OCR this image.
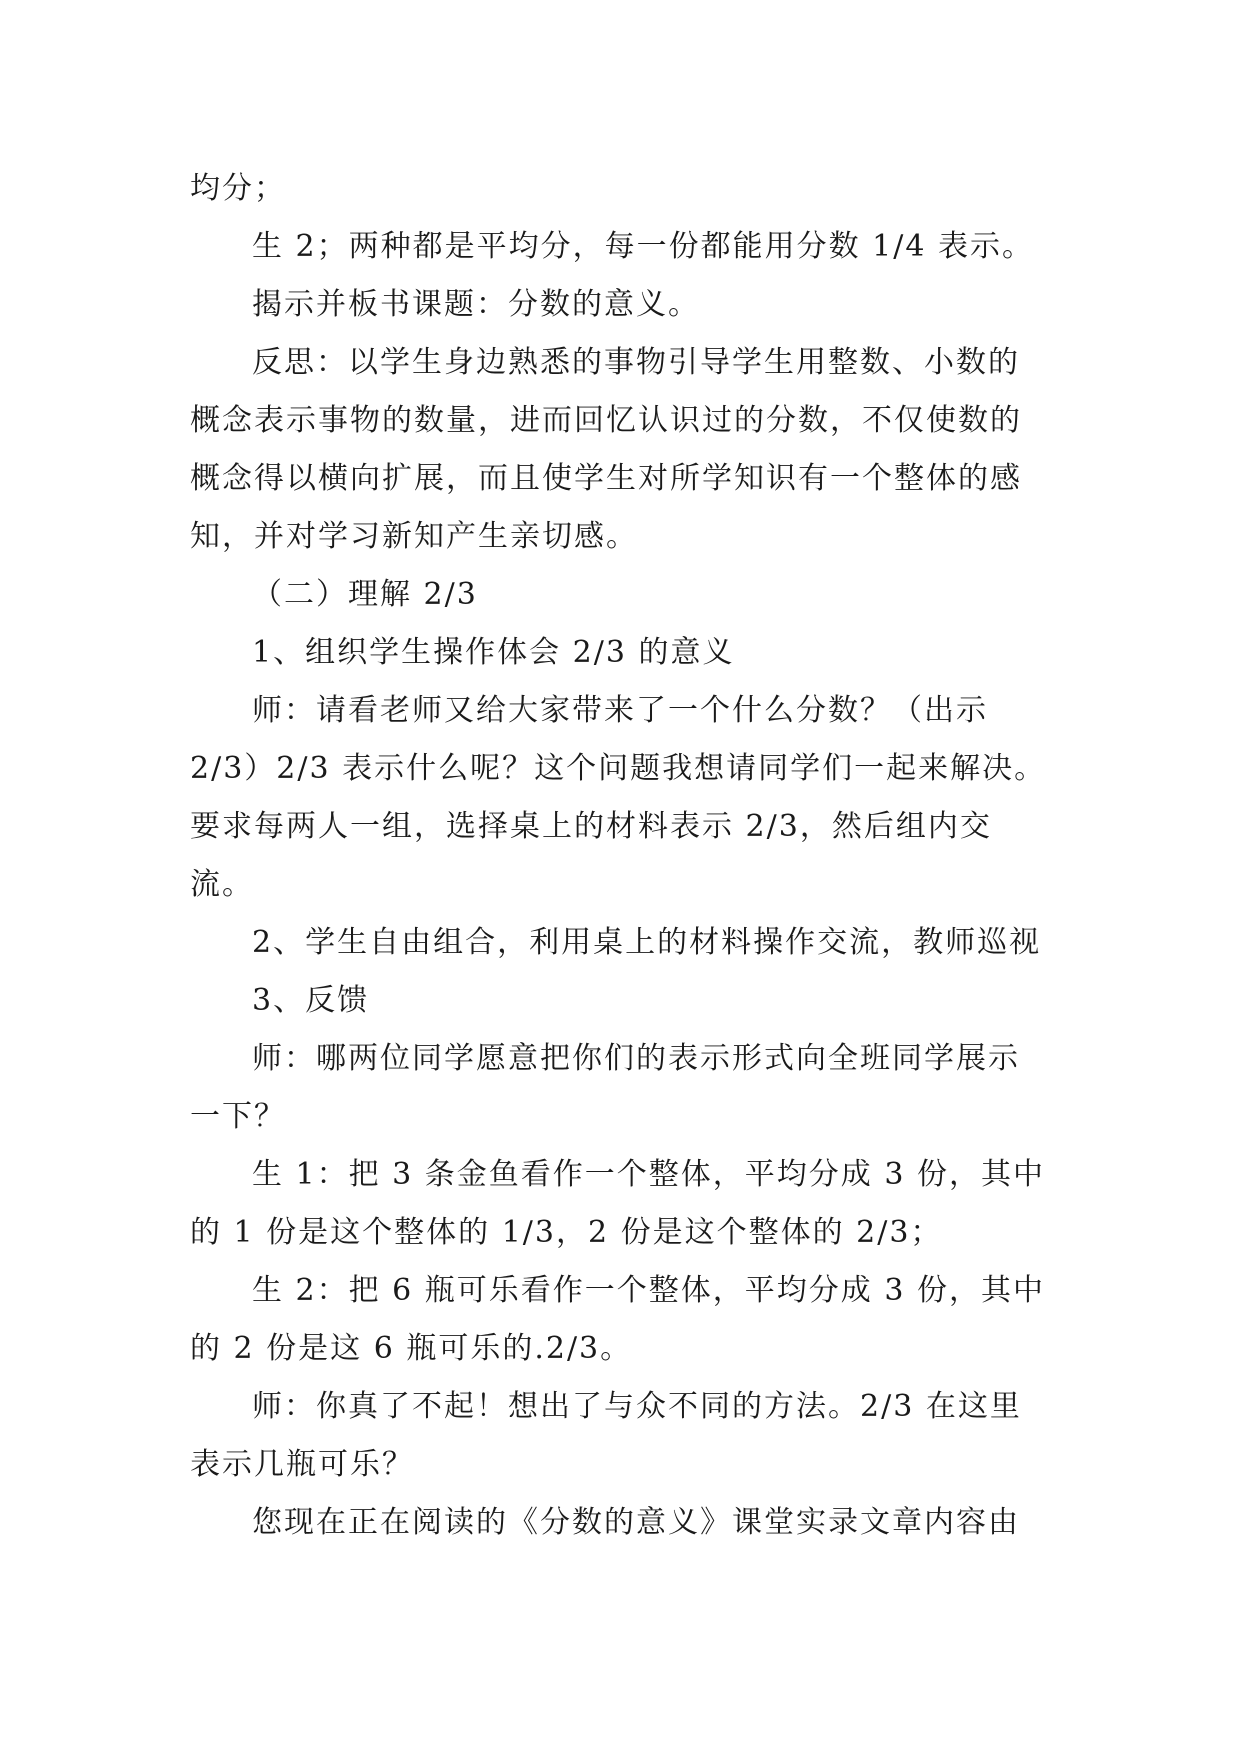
均分；

生 2；两种都是平均分，每一份都能用分数 1/4 表示。

揭示并板书课题：分数的意义。

反思：以学生身边熟悉的事物引导学生用整数、小数的概念表示事物的数量，进而回忆认识过的分数，不仅使数的概念得以横向扩展，而且使学生对所学知识有一个整体的感知，并对学习新知产生亲切感。

（二）理解 2/3

1、组织学生操作体会 2/3 的意义

师：请看老师又给大家带来了一个什么分数？（出示2/3）2/3 表示什么呢？这个问题我想请同学们一起来解决。要求每两人一组，选择桌上的材料表示 2/3，然后组内交流。

2、学生自由组合，利用桌上的材料操作交流，教师巡视

3、反馈

师：哪两位同学愿意把你们的表示形式向全班同学展示一下？

生 1：把 3 条金鱼看作一个整体，平均分成 3 份，其中的 1 份是这个整体的 1/3，2 份是这个整体的 2/3；

生 2：把 6 瓶可乐看作一个整体，平均分成 3 份，其中的 2 份是这 6 瓶可乐的.2/3。

师：你真了不起！想出了与众不同的方法。2/3 在这里表示几瓶可乐？

您现在正在阅读的《分数的意义》课堂实录文章内容由
